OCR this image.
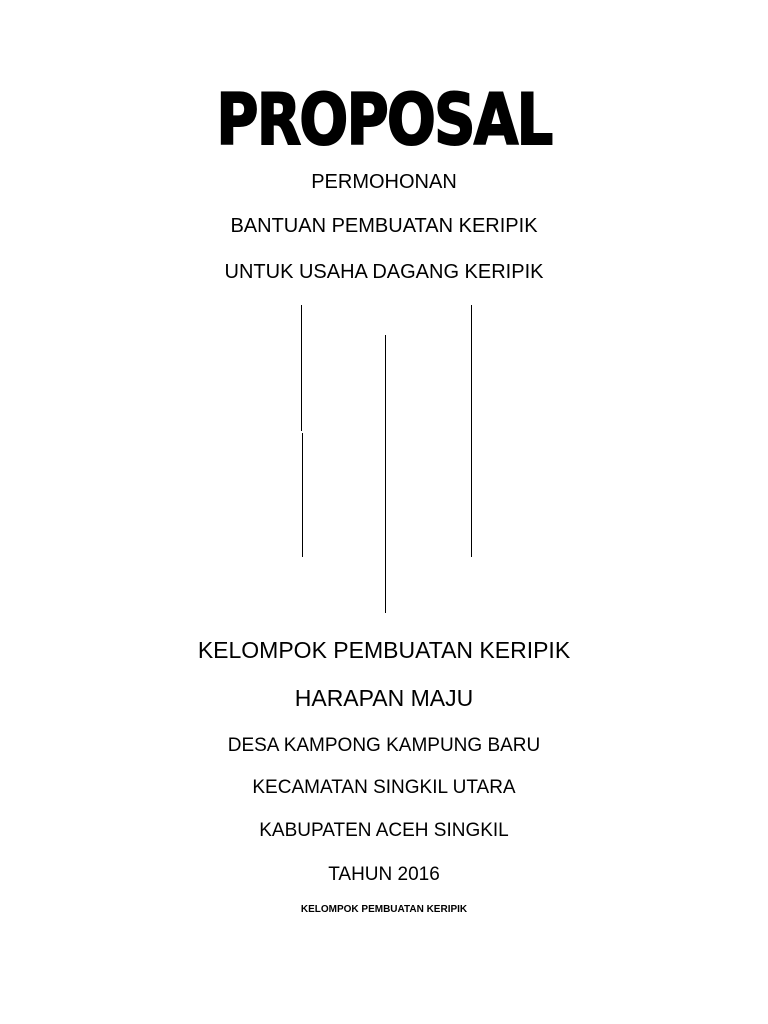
PROPOSAL

PERMOHONAN

BANTUAN PEMBUATAN KERIPIK

UNTUK USAHA DAGANG KERIPIK

KELOMPOK PEMBUATAN KERIPIK

HARAPAN MAJU

DESA KAMPONG KAMPUNG BARU

KECAMATAN SINGKIL UTARA

KABUPATEN ACEH SINGKIL

TAHUN 2016

KELOMPOK PEMBUATAN KERIPIK
